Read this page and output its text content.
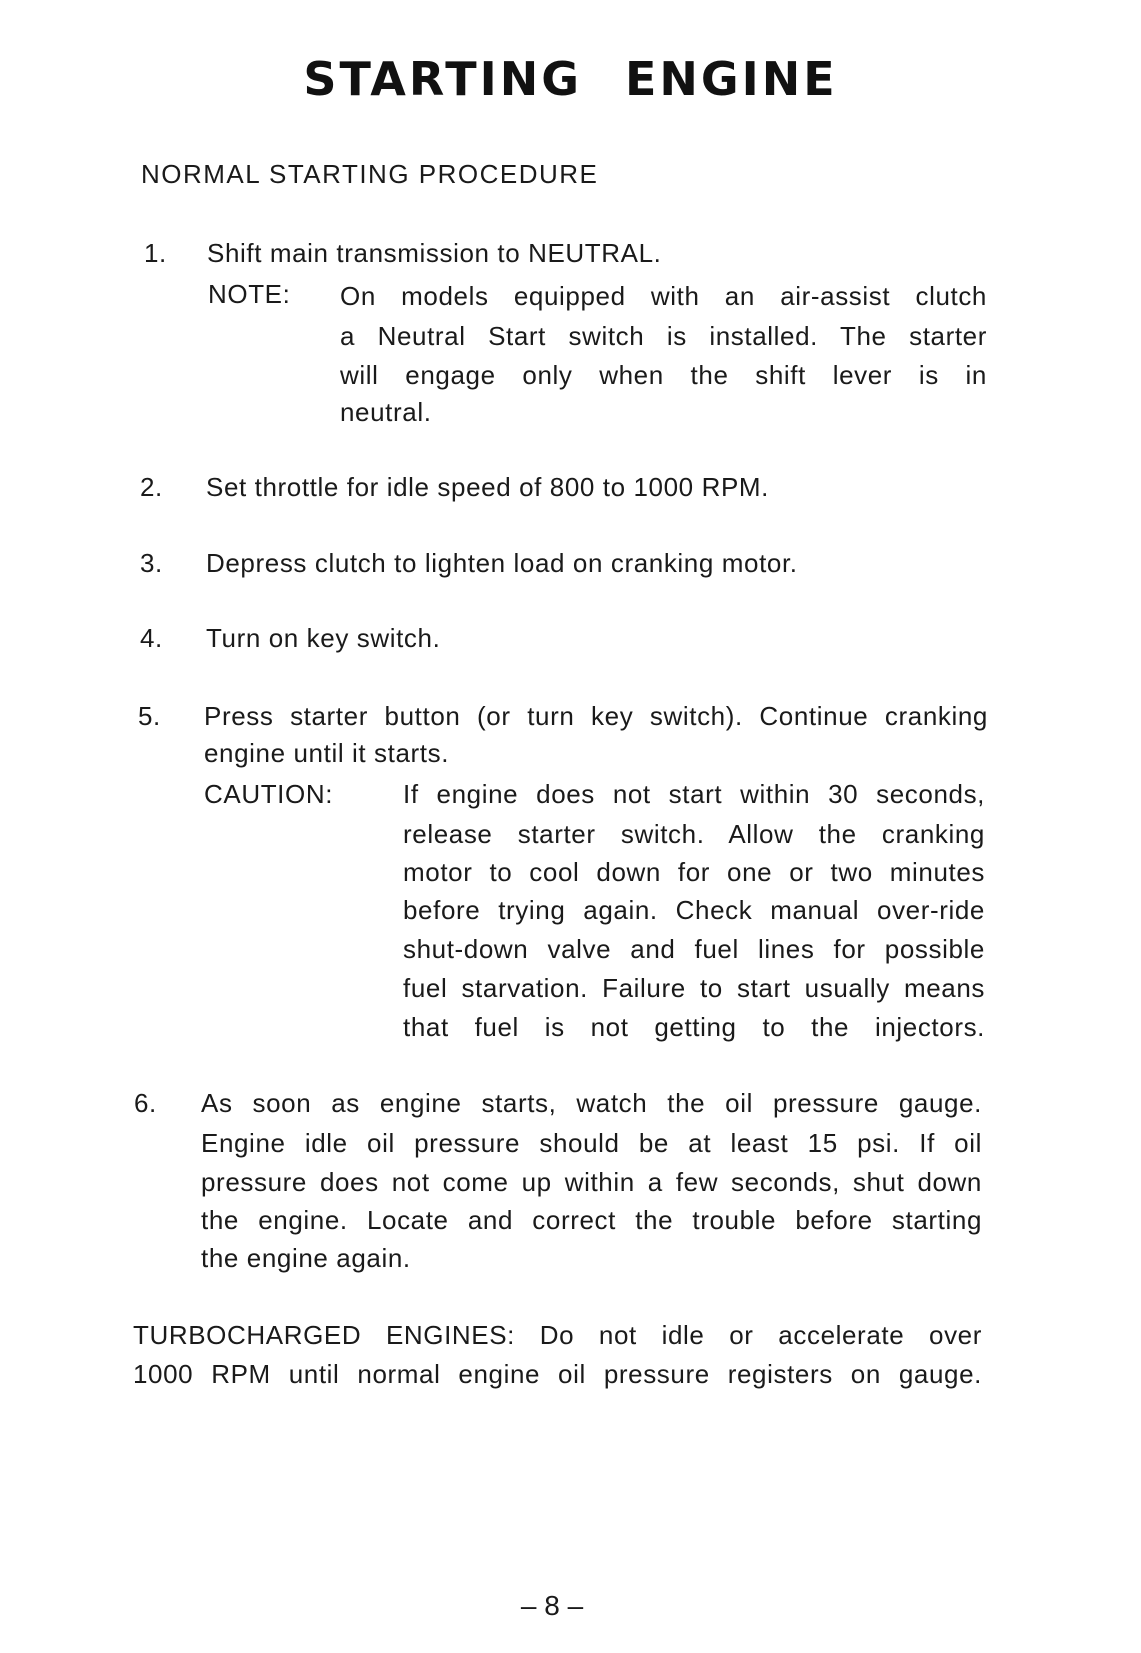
STARTING ENGINE
NORMAL STARTING PROCEDURE
1. Shift main transmission to NEUTRAL.
NOTE: On models equipped with an air-assist clutch
a Neutral Start switch is installed. The starter
will engage only when the shift lever is in
neutral.
2. Set throttle for idle speed of 800 to 1000 RPM.
3. Depress clutch to lighten load on cranking motor.
4. Turn on key switch.
5. Press starter button (or turn key switch). Continue cranking
engine until it starts.
CAUTION:	If engine does not start within 30 seconds,
release starter switch. Allow the cranking
motor to cool down for one or two minutes
before trying again. Check manual over-ride
shut-down valve and fuel lines for possible
fuel starvation. Failure to start usually means
that fuel is not getting to the injectors.
6. As soon as engine starts, watch the oil pressure gauge.
Engine idle oil pressure should be at least 15 psi. If oil
pressure does not come up within a few seconds, shut down
the engine. Locate and correct the trouble before starting
the engine again.
TURBOCHARGED ENGINES: Do not idle or accelerate over
1000 RPM until normal engine oil pressure registers on gauge.
– 8 –
